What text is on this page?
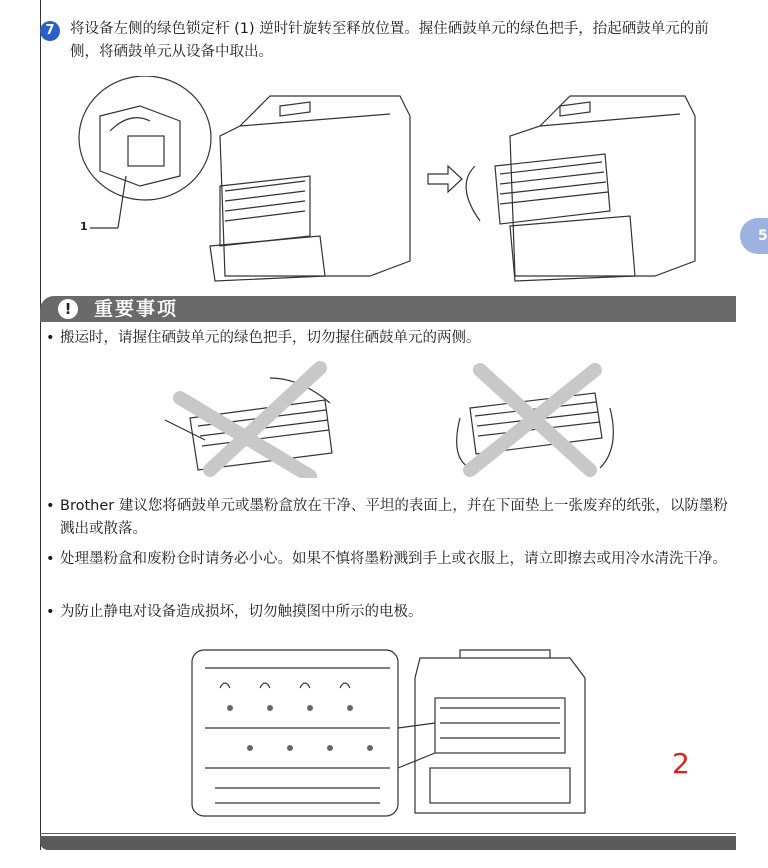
7	将设备左侧的绿色锁定杆 (1) 逆时针旋转至释放位置。握住硒鼓单元的绿色把手，抬起硒鼓单元的前侧，将硒鼓单元从设备中取出。
5
1
!	重要事项
• 搬运时，请握住硒鼓单元的绿色把手，切勿握住硒鼓单元的两侧。
• Brother 建议您将硒鼓单元或墨粉盒放在干净、平坦的表面上，并在下面垫上一张废弃的纸张，以防墨粉溅出或散落。
• 处理墨粉盒和废粉仓时请务必小心。如果不慎将墨粉溅到手上或衣服上，请立即擦去或用冷水清洗干净。
• 为防止静电对设备造成损坏，切勿触摸图中所示的电极。
2
